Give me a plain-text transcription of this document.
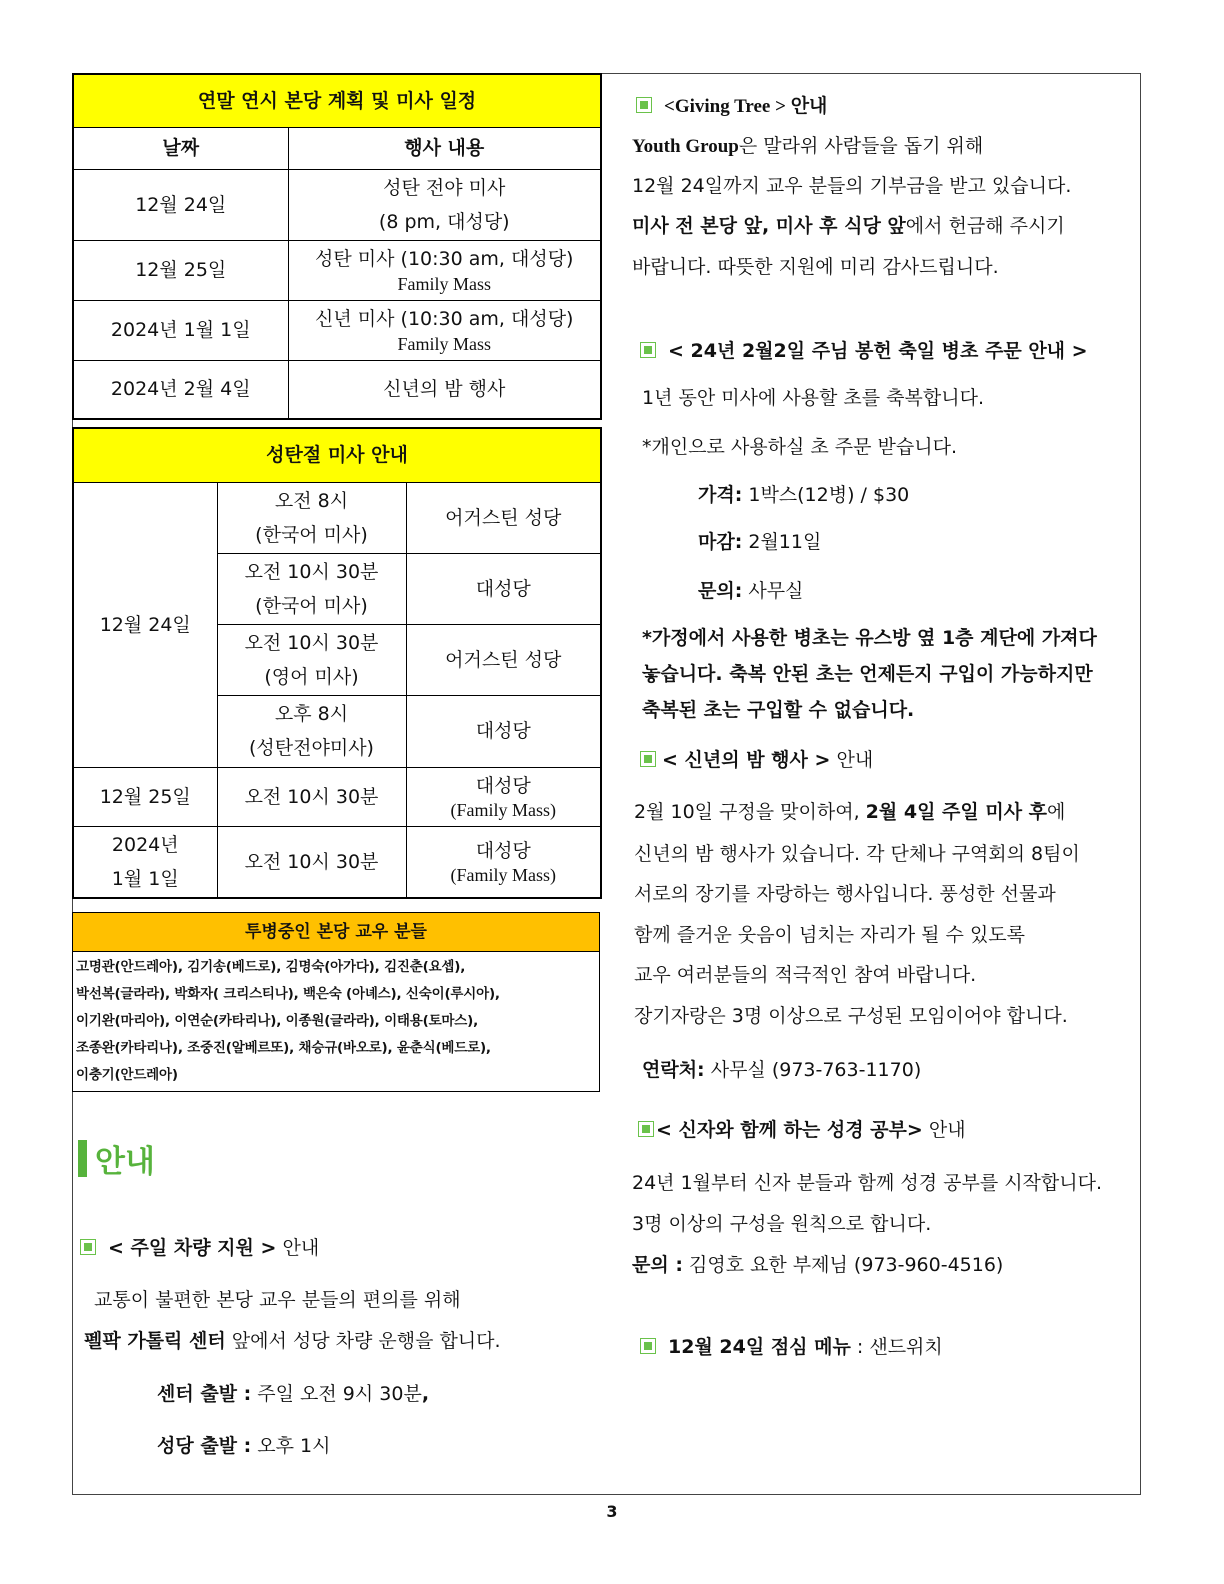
연말 연시 본당 계획 및 미사 일정	
날짜	행사 내용
12월 24일	성탄 전야 미사
(8 pm, 대성당)

12월 25일	성탄 미사 (10:30 am, 대성당)
Family Mass

2024년 1월 1일	신년 미사 (10:30 am, 대성당)
Family Mass

2024년 2월 4일	신년의 밤 행사
성탄절 미사 안내		
12월 24일	오전 8시
(한국어 미사)	어거스틴 성당

	오전 10시 30분
(한국어 미사)	대성당

	오전 10시 30분
(영어 미사)	어거스틴 성당

	오후 8시
(성탄전야미사)	대성당
12월 25일	오전 10시 30분	대성당
(Family Mass)

2024년
1월 1일	오전 10시 30분	대성당
(Family Mass)
투병중인 본당 교우 분들

고명관(안드레아), 김기송(베드로), 김명숙(아가다), 김진춘(요셉),
박선복(글라라), 박화자( 크리스티나), 백은숙 (아녜스), 신숙이(루시아),
이기완(마리아), 이연순(카타리나), 이종원(글라라), 이태용(토마스),
조종완(카타리나), 조중진(알베르또), 채승규(바오로), 윤춘식(베드로),
이충기(안드레아)
안내
< 주일 차량 지원 > 안내
교통이 불편한 본당 교우 분들의 편의를 위해
펠팍 가톨릭 센터 앞에서 성당 차량 운행을 합니다.
센터 출발 : 주일 오전 9시 30분,
성당 출발 : 오후 1시
<Giving Tree > 안내
Youth Group은 말라위 사람들을 돕기 위해
12월 24일까지 교우 분들의 기부금을 받고 있습니다.
미사 전 본당 앞, 미사 후 식당 앞에서 헌금해 주시기
바랍니다. 따뜻한 지원에 미리 감사드립니다.
< 24년 2월2일 주님 봉헌 축일 병초 주문 안내 >
1년 동안 미사에 사용할 초를 축복합니다.
*개인으로 사용하실 초 주문 받습니다.
가격: 1박스(12병) / $30
마감: 2월11일
문의: 사무실
*가정에서 사용한 병초는 유스방 옆 1층 계단에 가져다
놓습니다. 축복 안된 초는 언제든지 구입이 가능하지만
축복된 초는 구입할 수 없습니다.
< 신년의 밤 행사 > 안내
2월 10일 구정을 맞이하여, 2월 4일 주일 미사 후에
신년의 밤 행사가 있습니다. 각 단체나 구역회의 8팀이
서로의 장기를 자랑하는 행사입니다. 풍성한 선물과
함께 즐거운 웃음이 넘치는 자리가 될 수 있도록
교우 여러분들의 적극적인 참여 바랍니다.
장기자랑은 3명 이상으로 구성된 모임이어야 합니다.
연락처: 사무실 (973-763-1170)
< 신자와 함께 하는 성경 공부> 안내
24년 1월부터 신자 분들과 함께 성경 공부를 시작합니다.
3명 이상의 구성을 원칙으로 합니다.
문의 : 김영호 요한 부제님 (973-960-4516)
12월 24일 점심 메뉴 : 샌드위치
3
